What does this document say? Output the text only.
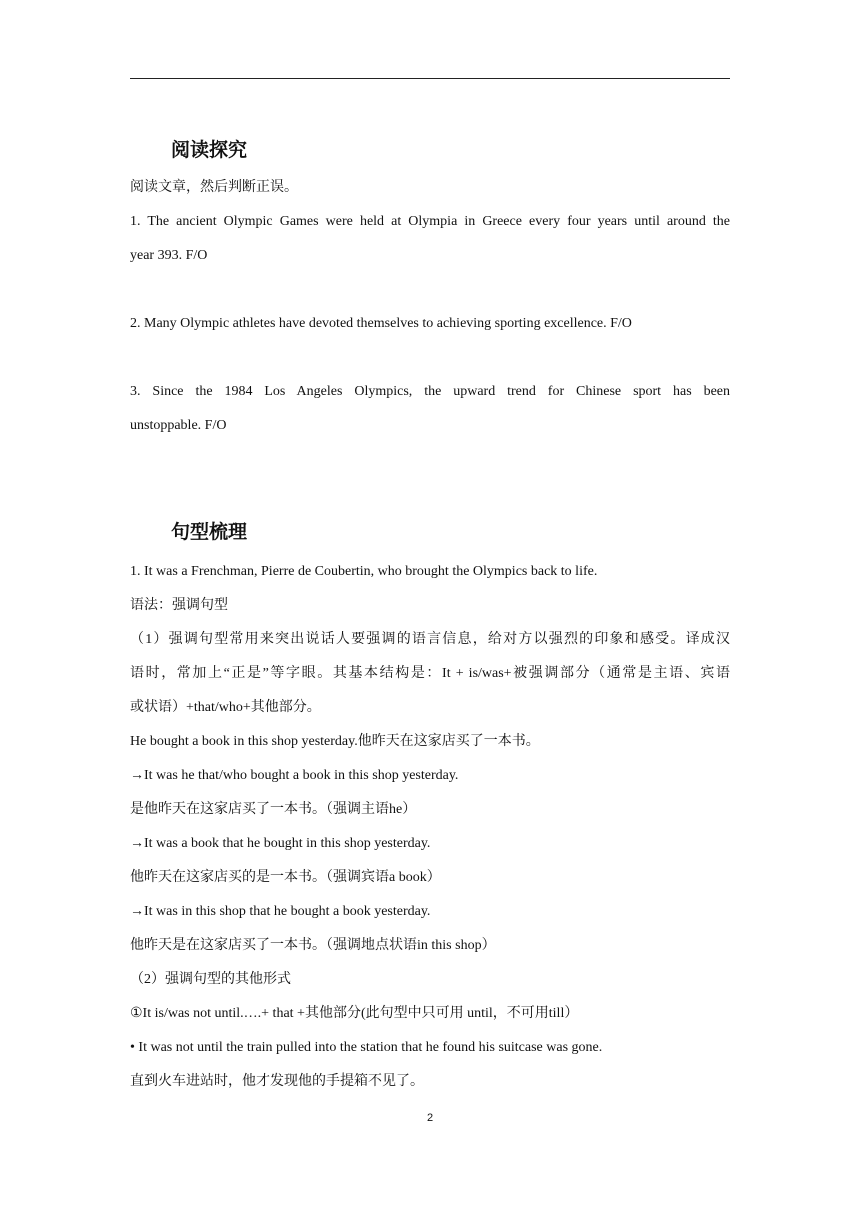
阅读探究
阅读文章，然后判断正误。
1. The ancient Olympic Games were held at Olympia in Greece every four years until around the
year 393. F/O
2. Many Olympic athletes have devoted themselves to achieving sporting excellence. F/O
3. Since the 1984 Los Angeles Olympics, the upward trend for Chinese sport has been
unstoppable. F/O
句型梳理
1. It was a Frenchman, Pierre de Coubertin, who brought the Olympics back to life.
语法：强调句型
（1）强调句型常用来突出说话人要强调的语言信息，给对方以强烈的印象和感受。译成汉
语时，常加上“正是”等字眼。其基本结构是：It + is/was+被强调部分（通常是主语、宾语
或状语）+that/who+其他部分。
He bought a book in this shop yesterday.他昨天在这家店买了一本书。
→It was he that/who bought a book in this shop yesterday.
是他昨天在这家店买了一本书。（强调主语he）
→It was a book that he bought in this shop yesterday.
他昨天在这家店买的是一本书。（强调宾语a book）
→It was in this shop that he bought a book yesterday.
他昨天是在这家店买了一本书。（强调地点状语in this shop）
（2）强调句型的其他形式
①It is/was not until.….+ that +其他部分(此句型中只可用 until，不可用till）
• It was not until the train pulled into the station that he found his suitcase was gone.
直到火车进站时，他才发现他的手提箱不见了。
2
